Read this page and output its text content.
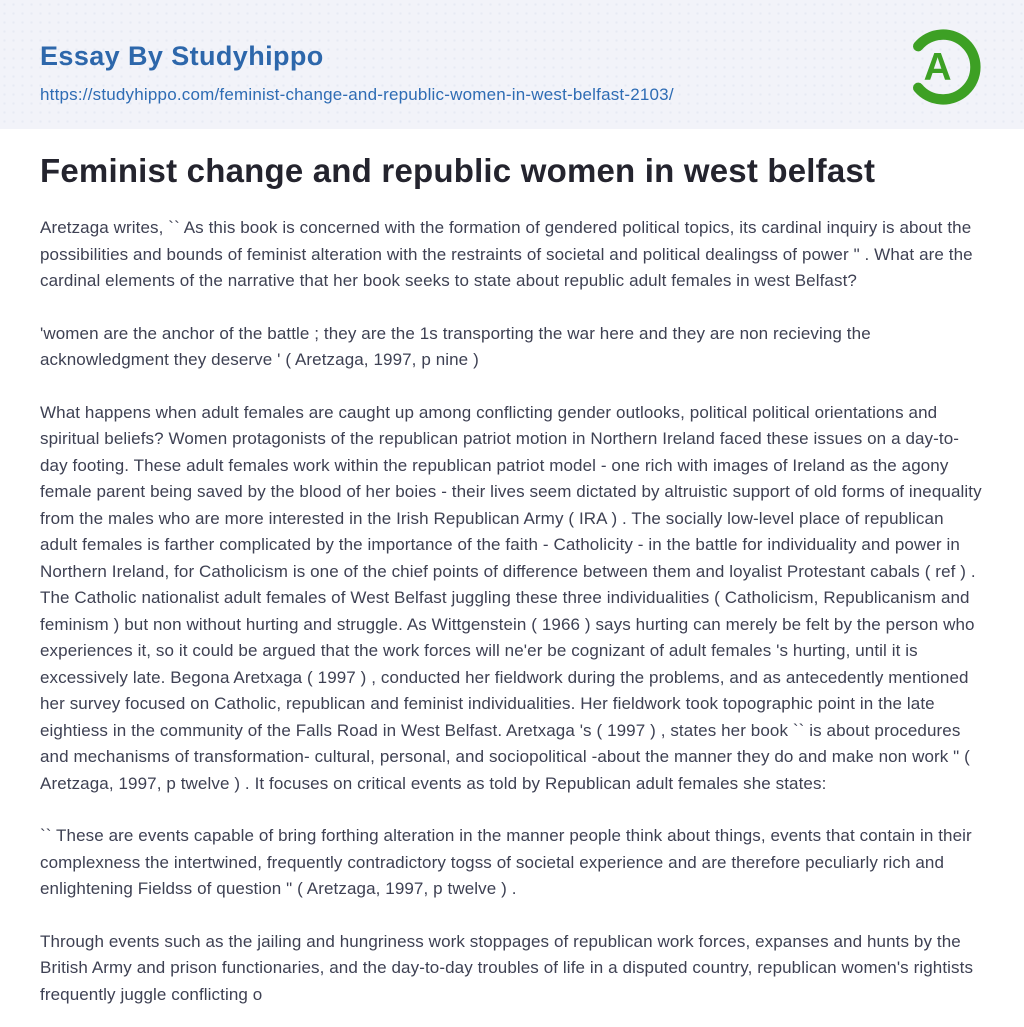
Essay By Studyhippo
https://studyhippo.com/feminist-change-and-republic-women-in-west-belfast-2103/
A
Feminist change and republic women in west belfast

Aretzaga writes, `` As this book is concerned with the formation of gendered political topics, its cardinal inquiry is about the possibilities and bounds of feminist alteration with the restraints of societal and political dealingss of power " . What are the cardinal elements of the narrative that her book seeks to state about republic adult females in west Belfast?

'women are the anchor of the battle ; they are the 1s transporting the war here and they are non recieving the acknowledgment they deserve ' ( Aretzaga, 1997, p nine )

What happens when adult females are caught up among conflicting gender outlooks, political political orientations and spiritual beliefs? Women protagonists of the republican patriot motion in Northern Ireland faced these issues on a day-to-day footing. These adult females work within the republican patriot model - one rich with images of Ireland as the agony female parent being saved by the blood of her boies - their lives seem dictated by altruistic support of old forms of inequality from the males who are more interested in the Irish Republican Army ( IRA ) . The socially low-level place of republican adult females is farther complicated by the importance of the faith - Catholicity - in the battle for individuality and power in Northern Ireland, for Catholicism is one of the chief points of difference between them and loyalist Protestant cabals ( ref ) . The Catholic nationalist adult females of West Belfast juggling these three individualities ( Catholicism, Republicanism and feminism ) but non without hurting and struggle. As Wittgenstein ( 1966 ) says hurting can merely be felt by the person who experiences it, so it could be argued that the work forces will ne'er be cognizant of adult females 's hurting, until it is excessively late. Begona Aretxaga ( 1997 ) , conducted her fieldwork during the problems, and as antecedently mentioned her survey focused on Catholic, republican and feminist individualities. Her fieldwork took topographic point in the late eightiess in the community of the Falls Road in West Belfast. Aretxaga 's ( 1997 ) , states her book `` is about procedures and mechanisms of transformation- cultural, personal, and sociopolitical -about the manner they do and make non work " ( Aretzaga, 1997, p twelve ) . It focuses on critical events as told by Republican adult females she states:

`` These are events capable of bring forthing alteration in the manner people think about things, events that contain in their complexness the intertwined, frequently contradictory togss of societal experience and are therefore peculiarly rich and enlightening Fieldss of question " ( Aretzaga, 1997, p twelve ) .

Through events such as the jailing and hungriness work stoppages of republican work forces, expanses and hunts by the British Army and prison functionaries, and the day-to-day troubles of life in a disputed country, republican women's rightists frequently juggle conflicting o
